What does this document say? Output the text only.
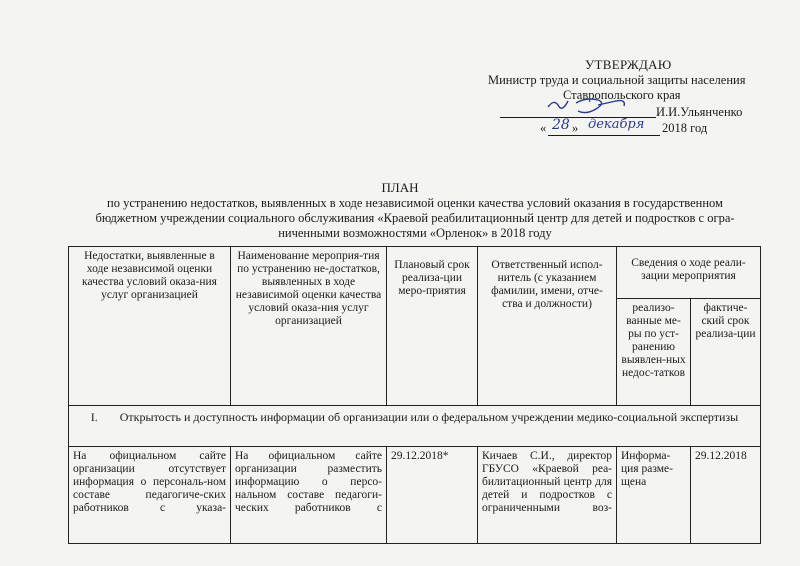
УТВЕРЖДАЮ
Министр труда и социальной защиты населения
Ставропольского края
И.И.Ульянченко
« 28 » декабря 2018 год
ПЛАН
по устранению недостатков, выявленных в ходе независимой оценки качества условий оказания в государственном
бюджетном учреждении социального обслуживания «Краевой реабилитационный центр для детей и подростков с огра-
ниченными возможностями «Орленок» в 2018 году
Недостатки, выявленные в ходе независимой оценки качества условий оказа-ния услуг организацией	Наименование мероприя-тия по устранению не-достатков, выявленных в ходе независимой оценки качества условий оказа-ния услуг организацией	Плановый срок реализа-ции меро-приятия	Ответственный испол-нитель (с указанием фамилии, имени, отче-ства и должности)	Сведения о ходе реали-зации мероприятия	
				реализо-ванные ме-ры по уст-ранению выявлен-ных недос-татков	фактиче-ский срок реализа-ции
I. Открытость и доступность информации об организации или о федеральном учреждении медико-социальной экспертизы					
На официальном сайте организации отсутствует информация о персональ-ном составе педагогиче-ских работников с указа-	На официальном сайте организации разместить информацию о персо-нальном составе педагоги-ческих работников с	29.12.2018*	Кичаев С.И., директор ГБУСО «Краевой реа-билитационный центр для детей и подростков с ограниченными воз-	Информа-ция разме-щена	29.12.2018
